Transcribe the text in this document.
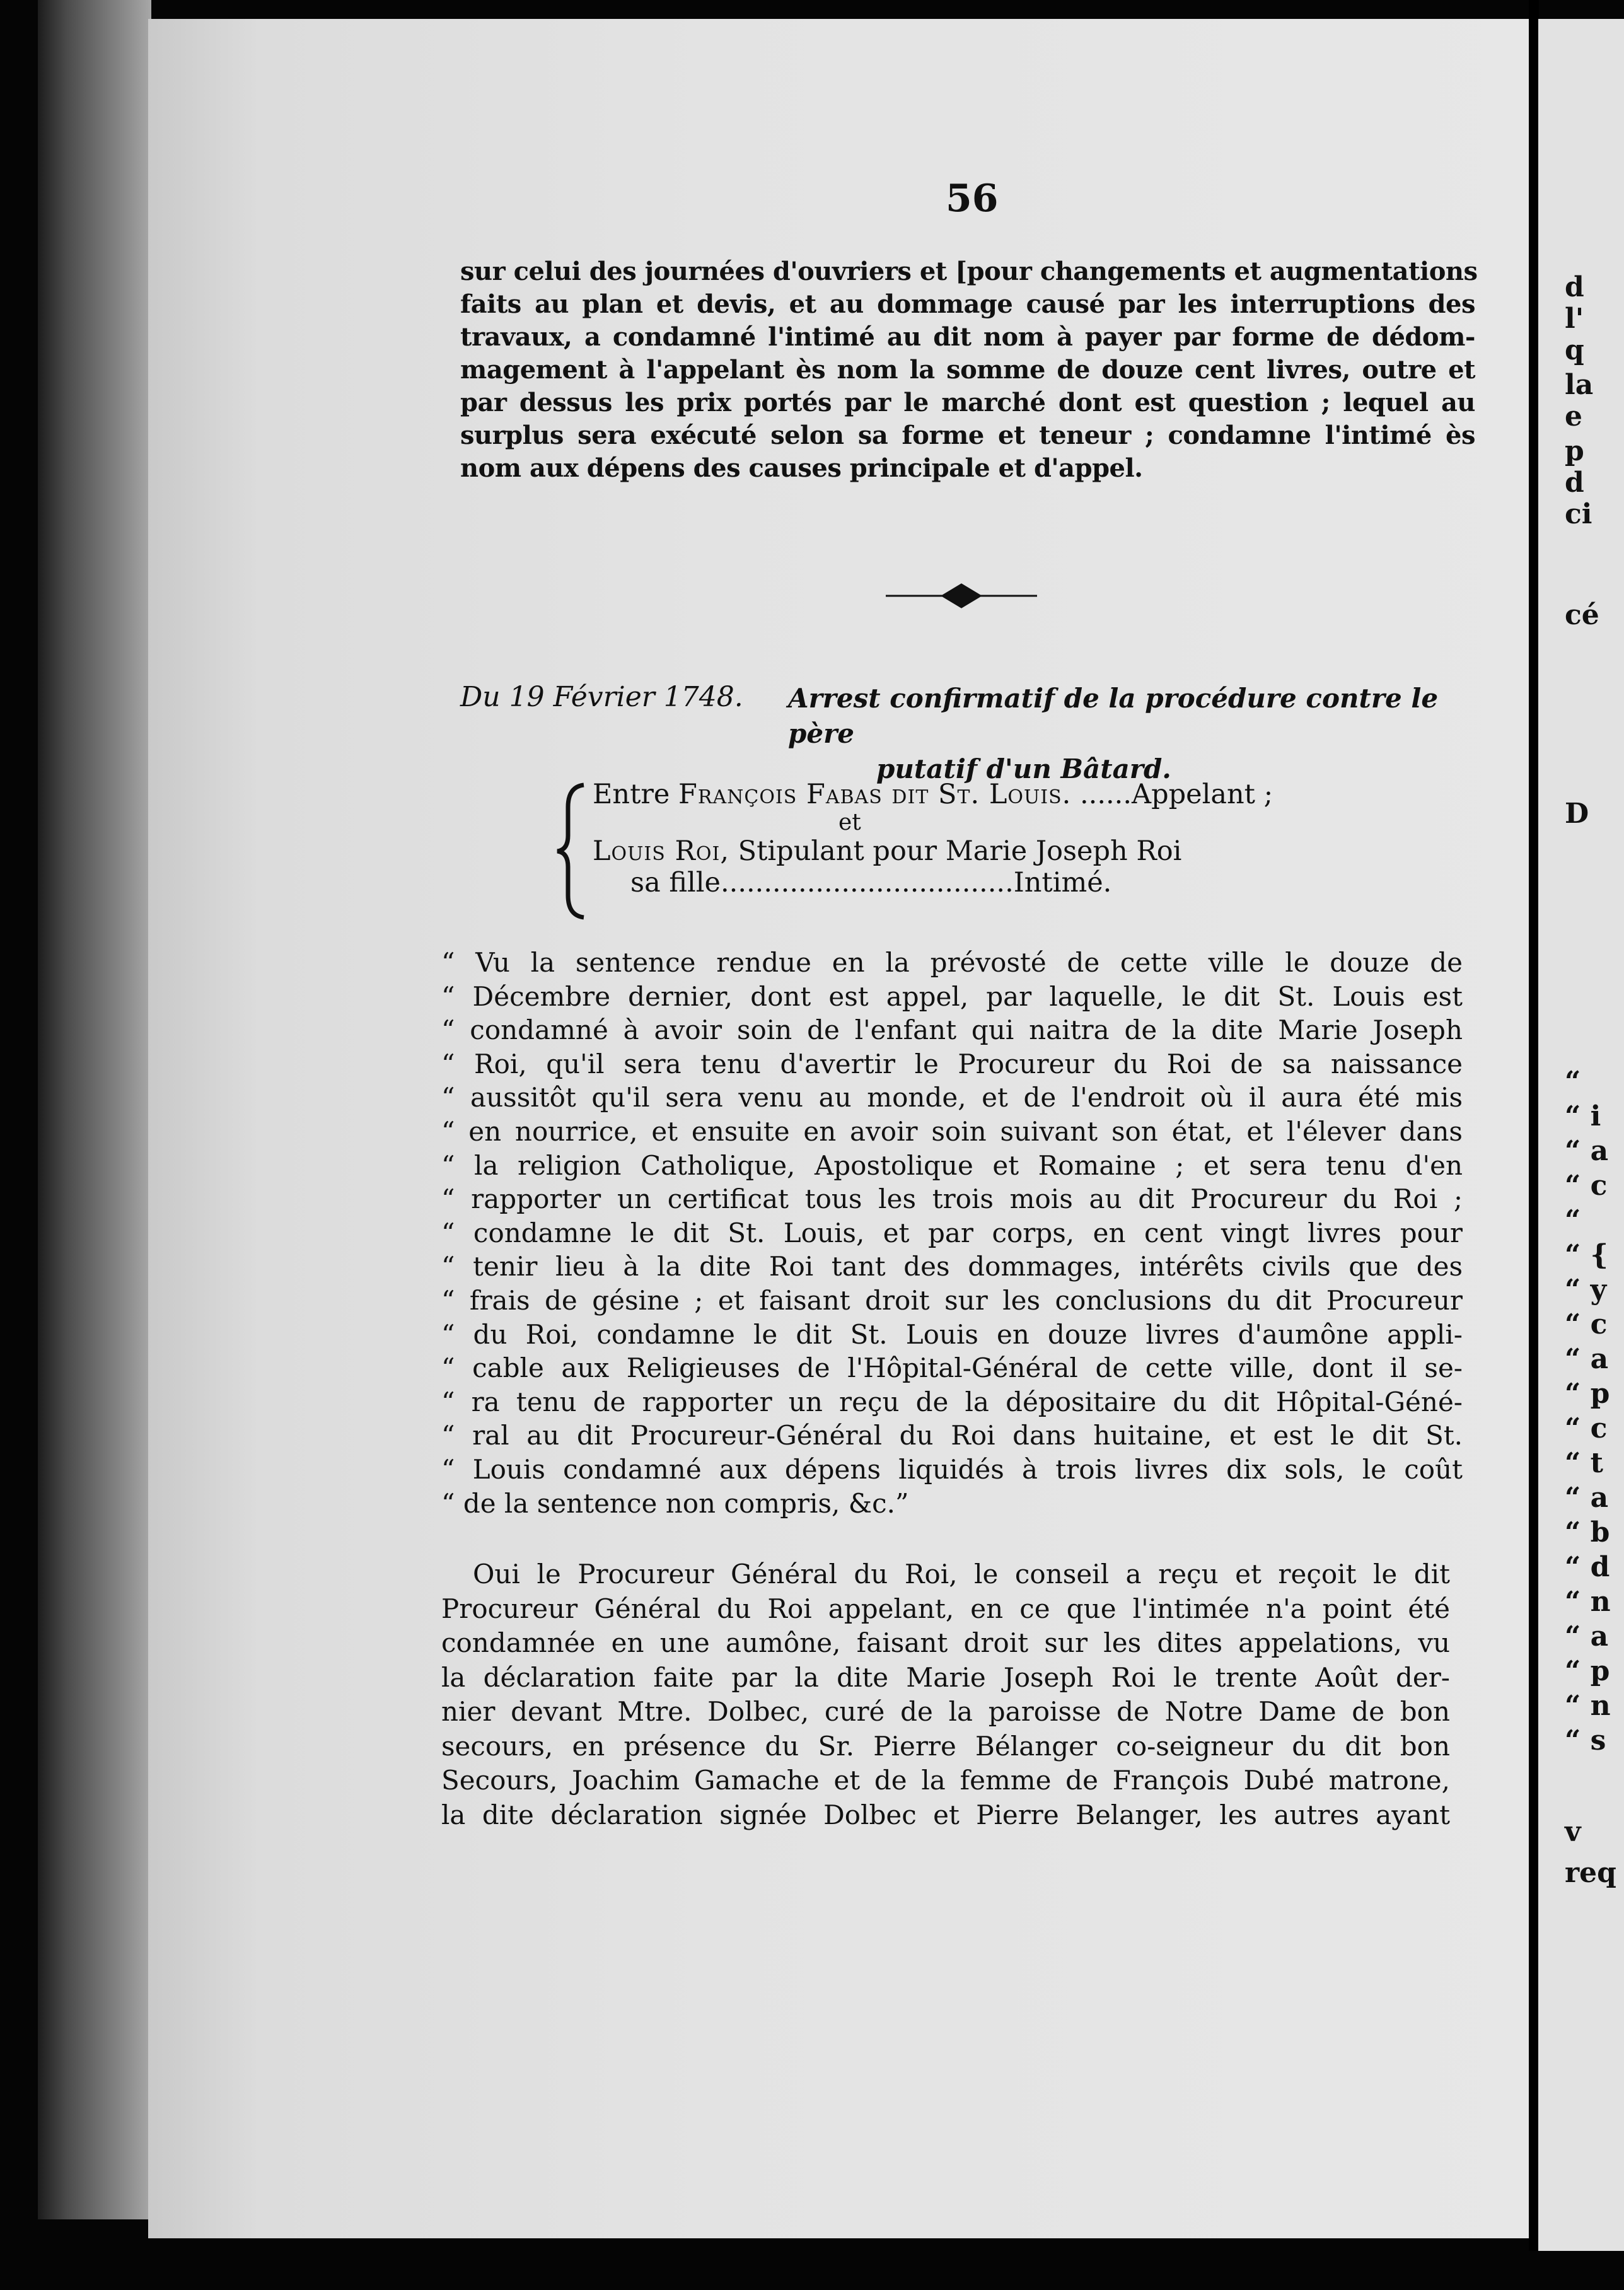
d
l'
q
la
e
p
d
ci
cé
D
“
“ i
“ a
“ c
“
“ {
“ y
“ c
“ a
“ p
“ c
“ t
“ a
“ b
“ d
“ n
“ a
“ p
“ n
“ s
v
req
56
sur celui des journées d'ouvriers et [pour changements et augmentations
faits au plan et devis, et au dommage causé par les interruptions des
travaux, a condamné l'intimé au dit nom à payer par forme de dédom-
magement à l'appelant ès nom la somme de douze cent livres, outre et
par dessus les prix portés par le marché dont est question ; lequel au
surplus sera exécuté selon sa forme et teneur ; condamne l'intimé ès
nom aux dépens des causes principale et d'appel.
Du 19 Février 1748. Arrest confirmatif de la procédure contre le père
putatif d'un Bâtard.
Entre François Fabas dit St. Louis. ......Appelant ;
et
Louis Roi, Stipulant pour Marie Joseph Roi
sa fille..................................Intimé.
“ Vu la sentence rendue en la prévosté de cette ville le douze de
“ Décembre dernier, dont est appel, par laquelle, le dit St. Louis est
“ condamné à avoir soin de l'enfant qui naitra de la dite Marie Joseph
“ Roi, qu'il sera tenu d'avertir le Procureur du Roi de sa naissance
“ aussitôt qu'il sera venu au monde, et de l'endroit où il aura été mis
“ en nourrice, et ensuite en avoir soin suivant son état, et l'élever dans
“ la religion Catholique, Apostolique et Romaine ; et sera tenu d'en
“ rapporter un certificat tous les trois mois au dit Procureur du Roi ;
“ condamne le dit St. Louis, et par corps, en cent vingt livres pour
“ tenir lieu à la dite Roi tant des dommages, intérêts civils que des
“ frais de gésine ; et faisant droit sur les conclusions du dit Procureur
“ du Roi, condamne le dit St. Louis en douze livres d'aumône appli-
“ cable aux Religieuses de l'Hôpital-Général de cette ville, dont il se-
“ ra tenu de rapporter un reçu de la dépositaire du dit Hôpital-Géné-
“ ral au dit Procureur-Général du Roi dans huitaine, et est le dit St.
“ Louis condamné aux dépens liquidés à trois livres dix sols, le coût
“ de la sentence non compris, &c.”
Oui le Procureur Général du Roi, le conseil a reçu et reçoit le dit
Procureur Général du Roi appelant, en ce que l'intimée n'a point été
condamnée en une aumône, faisant droit sur les dites appelations, vu
la déclaration faite par la dite Marie Joseph Roi le trente Août der-
nier devant Mtre. Dolbec, curé de la paroisse de Notre Dame de bon
secours, en présence du Sr. Pierre Bélanger co-seigneur du dit bon
Secours, Joachim Gamache et de la femme de François Dubé matrone,
la dite déclaration signée Dolbec et Pierre Belanger, les autres ayant
